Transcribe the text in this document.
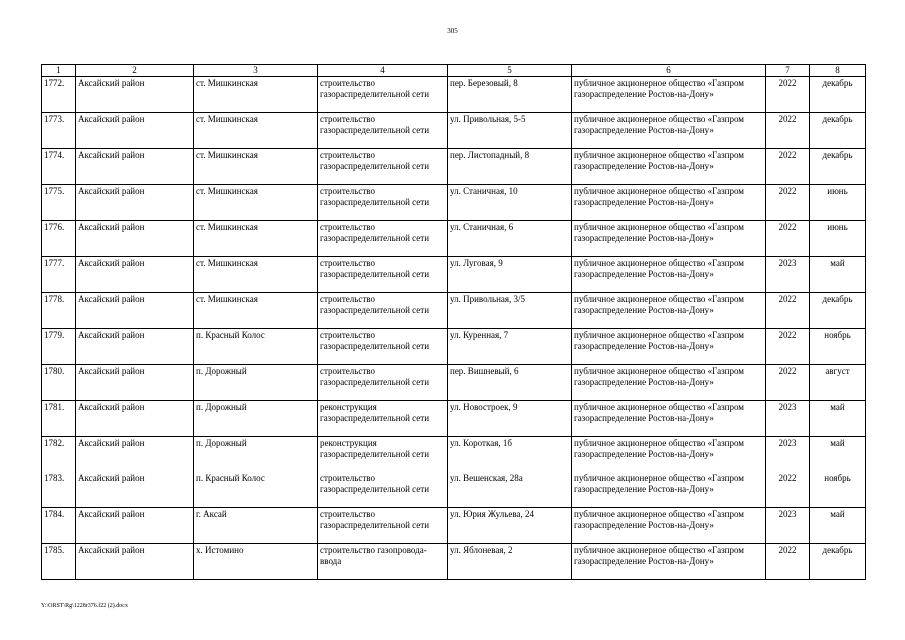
305
1	2	3	4	5	6	7	8
1772.	Аксайский район	ст. Мишкинская	строительство газораспределительной сети	пер. Березовый, 8	публичное акционерное общество «Газпром газораспределение Ростов-на-Дону»	2022	декабрь
1773.	Аксайский район	ст. Мишкинская	строительство газораспределительной сети	ул. Привольная, 5-5	публичное акционерное общество «Газпром газораспределение Ростов-на-Дону»	2022	декабрь
1774.	Аксайский район	ст. Мишкинская	строительство газораспределительной сети	пер. Листопадный, 8	публичное акционерное общество «Газпром газораспределение Ростов-на-Дону»	2022	декабрь
1775.	Аксайский район	ст. Мишкинская	строительство газораспределительной сети	ул. Станичная, 10	публичное акционерное общество «Газпром газораспределение Ростов-на-Дону»	2022	июнь
1776.	Аксайский район	ст. Мишкинская	строительство газораспределительной сети	ул. Станичная, 6	публичное акционерное общество «Газпром газораспределение Ростов-на-Дону»	2022	июнь
1777.	Аксайский район	ст. Мишкинская	строительство газораспределительной сети	ул. Луговая, 9	публичное акционерное общество «Газпром газораспределение Ростов-на-Дону»	2023	май
1778.	Аксайский район	ст. Мишкинская	строительство газораспределительной сети	ул. Привольная, 3/5	публичное акционерное общество «Газпром газораспределение Ростов-на-Дону»	2022	декабрь
1779.	Аксайский район	п. Красный Колос	строительство газораспределительной сети	ул. Куренная, 7	публичное акционерное общество «Газпром газораспределение Ростов-на-Дону»	2022	ноябрь
1780.	Аксайский район	п. Дорожный	строительство газораспределительной сети	пер. Вишневый, 6	публичное акционерное общество «Газпром газораспределение Ростов-на-Дону»	2022	август
1781.	Аксайский район	п. Дорожный	реконструкция газораспределительной сети	ул. Новостроек, 9	публичное акционерное общество «Газпром газораспределение Ростов-на-Дону»	2023	май
1782.	Аксайский район	п. Дорожный	реконструкция газораспределительной сети	ул. Короткая, 1б	публичное акционерное общество «Газпром газораспределение Ростов-на-Дону»	2023	май
1783.	Аксайский район	п. Красный Колос	строительство газораспределительной сети	ул. Вешенская, 28а	публичное акционерное общество «Газпром газораспределение Ростов-на-Дону»	2022	ноябрь
1784.	Аксайский район	г. Аксай	строительство газораспределительной сети	ул. Юрия Жульева, 24	публичное акционерное общество «Газпром газораспределение Ростов-на-Дону»	2023	май
1785.	Аксайский район	х. Истомино	строительство газопровода-ввода	ул. Яблоневая, 2	публичное акционерное общество «Газпром газораспределение Ростов-на-Дону»	2022	декабрь
Y:\ORST\Rg\1228r376.f22 (2).docx
